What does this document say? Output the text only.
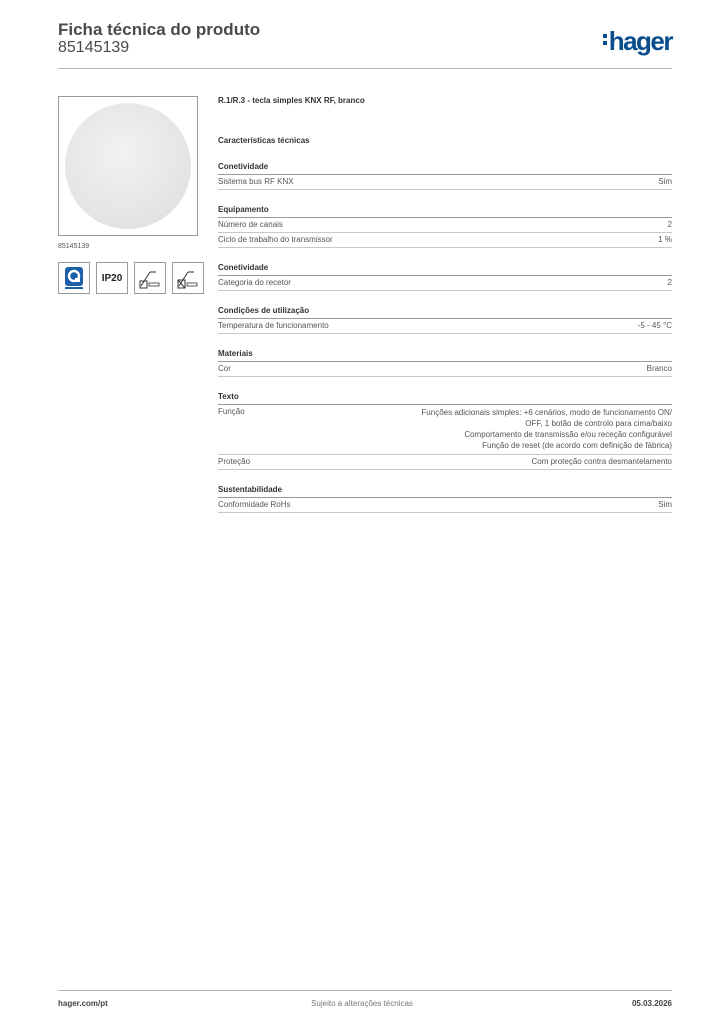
Ficha técnica do produto
85145139	hager
85145139
IP20
R.1/R.3 - tecla simples KNX RF, branco
Características técnicas
Conetividade
Sistema bus RF KNX	Sim
Equipamento
Número de canais	2
Ciclo de trabalho do transmissor	1 %
Conetividade
Categoria do recetor	2
Condições de utilização
Temperatura de funcionamento	-5 - 45 °C
Materiais
Cor	Branco
Texto
Função	Funções adicionais simples: +6 cenários, modo de funcionamento ON/
OFF, 1 botão de controlo para cima/baixo
Comportamento de transmissão e/ou receção configurável
Função de reset (de acordo com definição de fábrica)
Proteção	Com proteção contra desmantelamento
Sustentabilidade
Conformidade RoHs	Sim
hager.com/pt	Sujeito a alterações técnicas	05.03.2026
